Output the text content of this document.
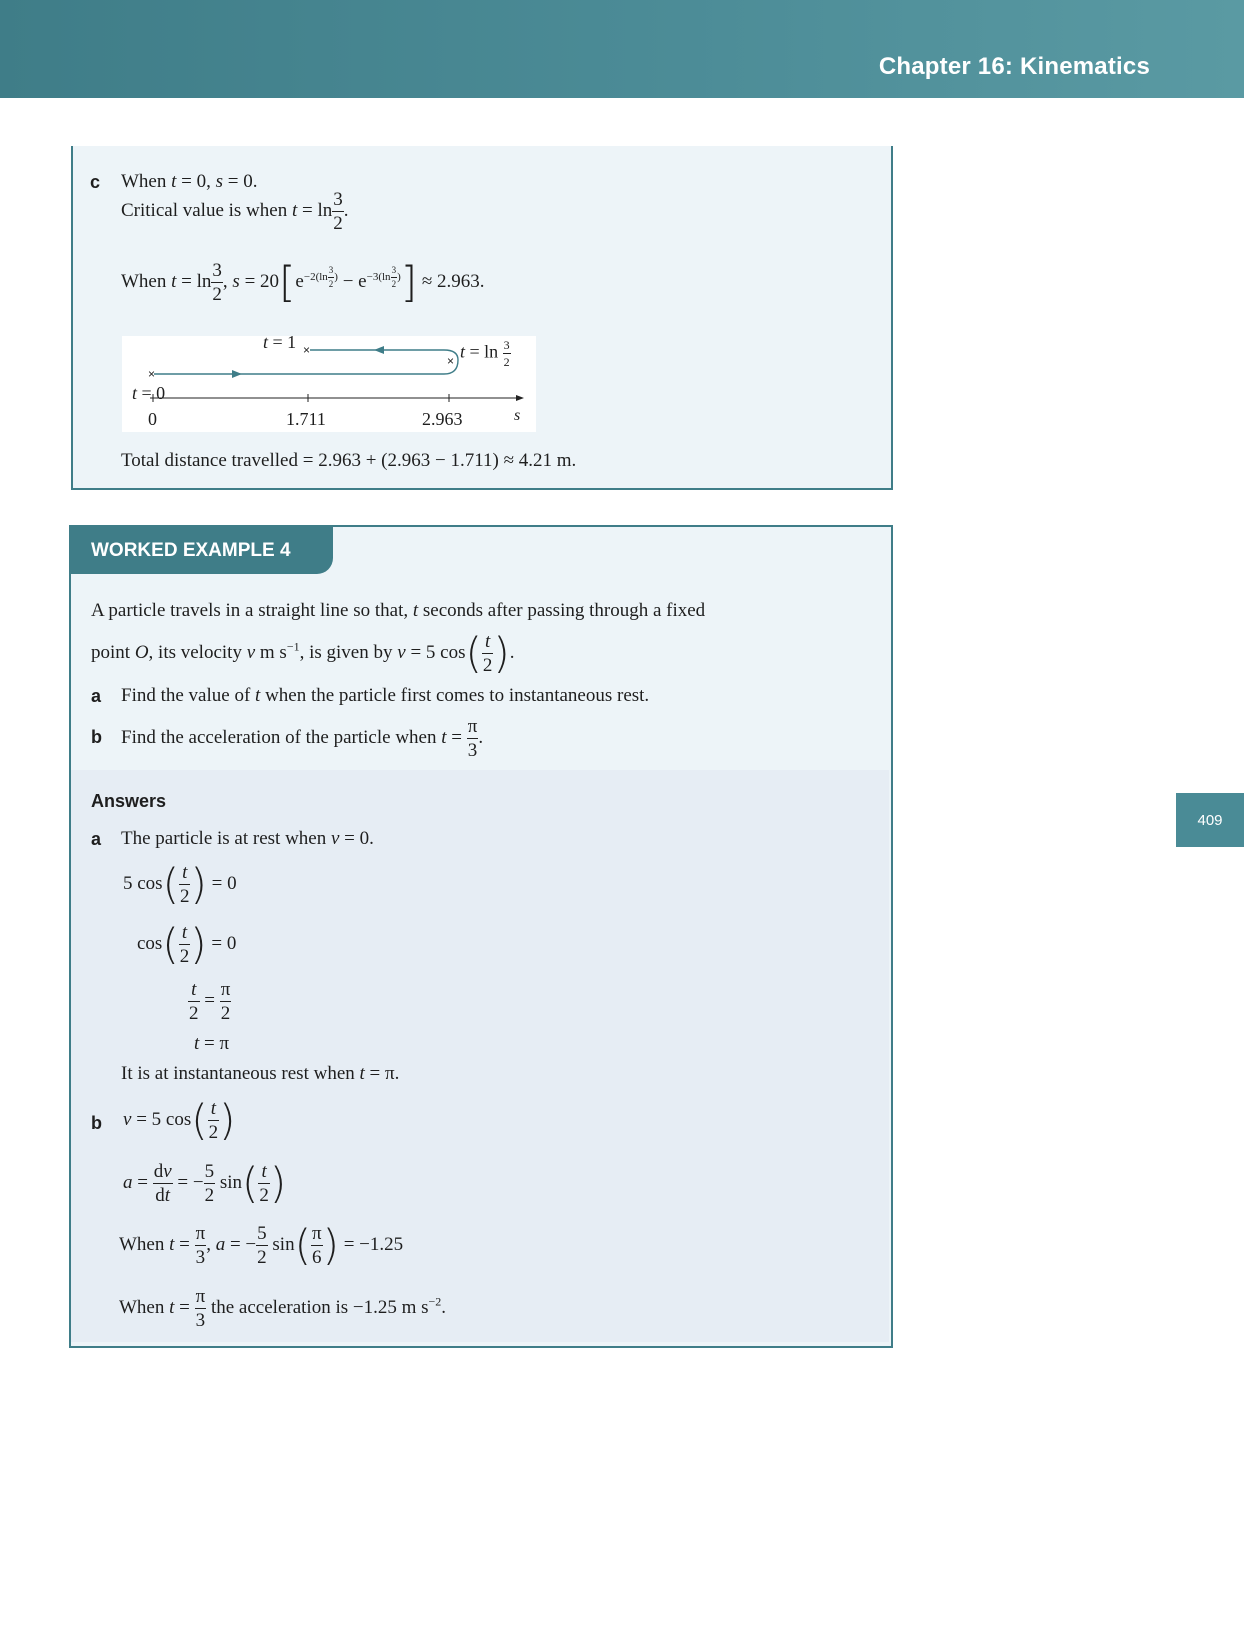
Chapter 16: Kinematics
409
c When t = 0, s = 0.
Critical value is when $t = \ln \frac{3}{2}$ .
When $t = \ln \frac{3}{2}$ , $s = 20[e^{-2(ln \frac{3}{2} )} - e^{-3(ln \frac{3}{2} )}] \approx 2.963$.
×
×
×
t = 1	$t = \ln \frac{3}{2}$
t = 0
0	1.711	2.963	s
Total distance travelled = 2.963 + (2.963 − 1.711) ≈ 4.21 m.
WORKED EXAMPLE 4
A particle travels in a straight line so that, t seconds after passing through a fixed
point O, its velocity v m $s^{-1}$, is given by v = 5 $\cos( \frac{t}{2}$ ).
a Find the value of t when the particle first comes to instantaneous rest.
b Find the acceleration of the particle when $t = \frac{\pi}{3}$ .
Answers
a The particle is at rest when v = 0.
5 $\cos( \frac{t}{2}$ ) = 0
$\cos( \frac{t}{2}$ ) = 0
$\frac{t}{2} = \frac{\pi}{2}$
t = π
It is at instantaneous rest when t = π.
b v = 5 $\cos( \frac{t}{2}$ )
$a = \frac{dv}{dt}$ = − $\frac{5}{2} \sin( \frac{t}{2}$ )
When $t = \frac{\pi}{3}$ , a = − $\frac{5}{2} \sin( \frac{\pi}{6}$ ) = −1.25
When $t = \frac{\pi}{3}$ the acceleration is −1.25 m $s^{-2}$.
